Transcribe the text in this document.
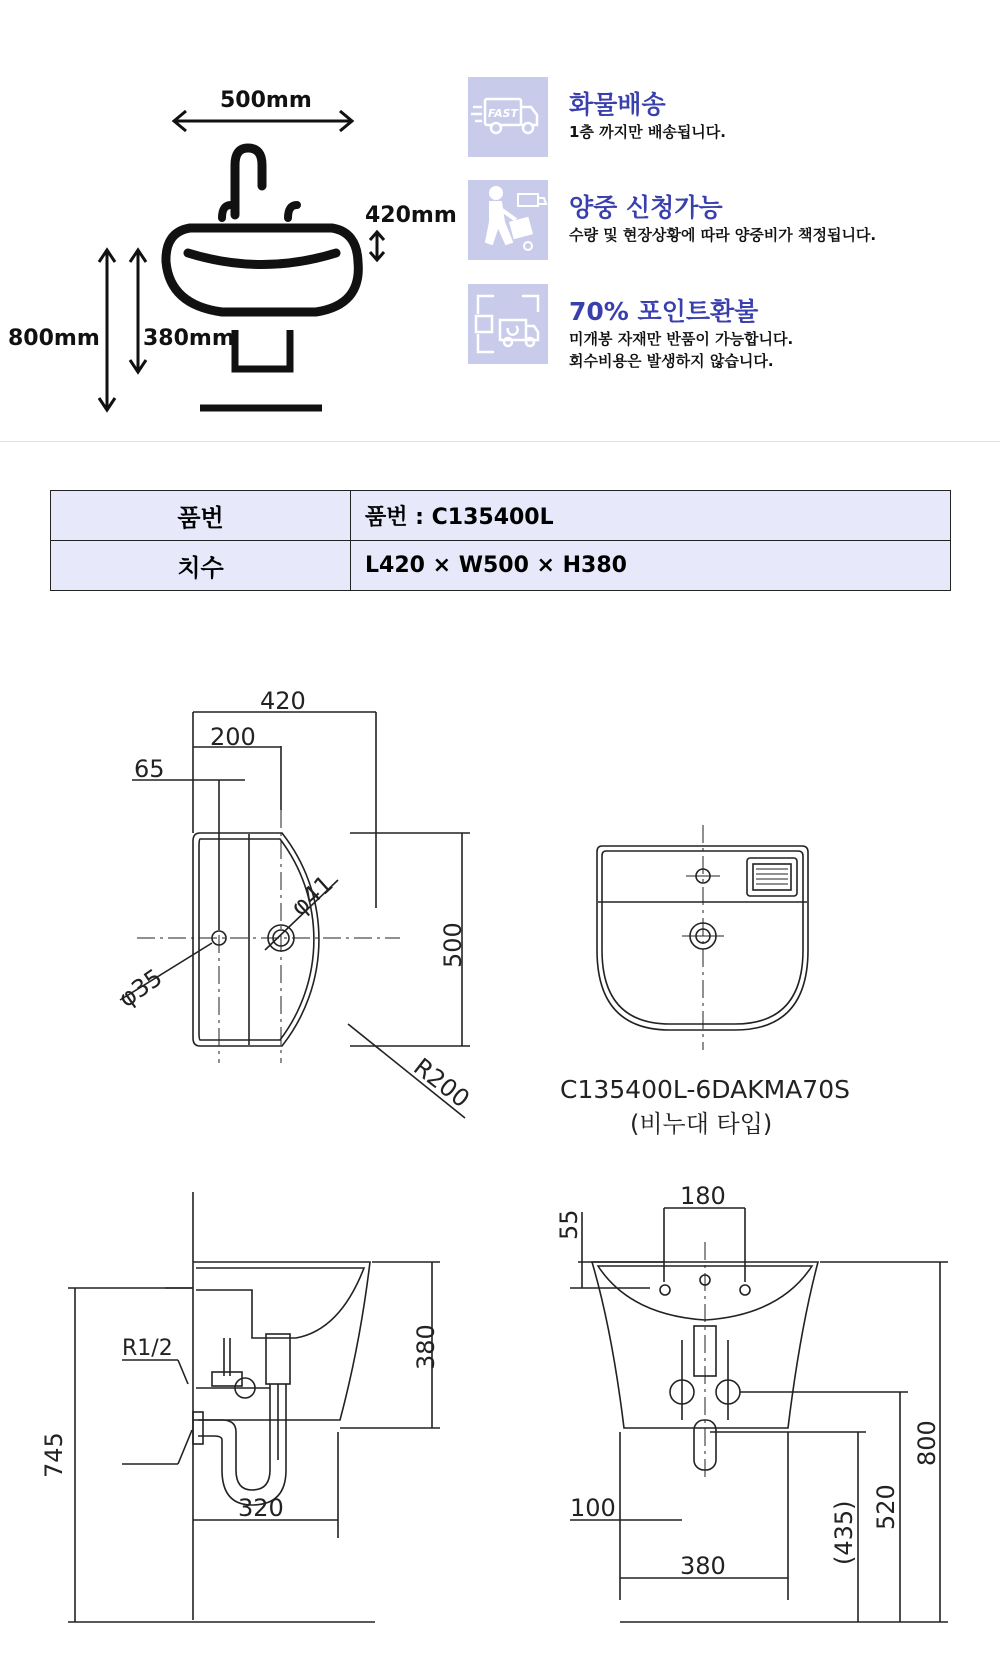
500mm
420mm
800mm 380mm
FAST 화물배송
1층 까지만 배송됩니다.
양중 신청가능
수량 및 현장상황에 따라 양중비가 책정됩니다.
70% 포인트환불
미개봉 자재만 반품이 가능합니다.
회수비용은 발생하지 않습니다.
품번	품번 : C135400L
치수	L420 × W500 × H380
420
200
65
500
φ41
φ35
R200	C135400L-6DAKMA70S
(비누대 타입)
745
380
320
R1/2
180
55
100
380
(435) 520
800
